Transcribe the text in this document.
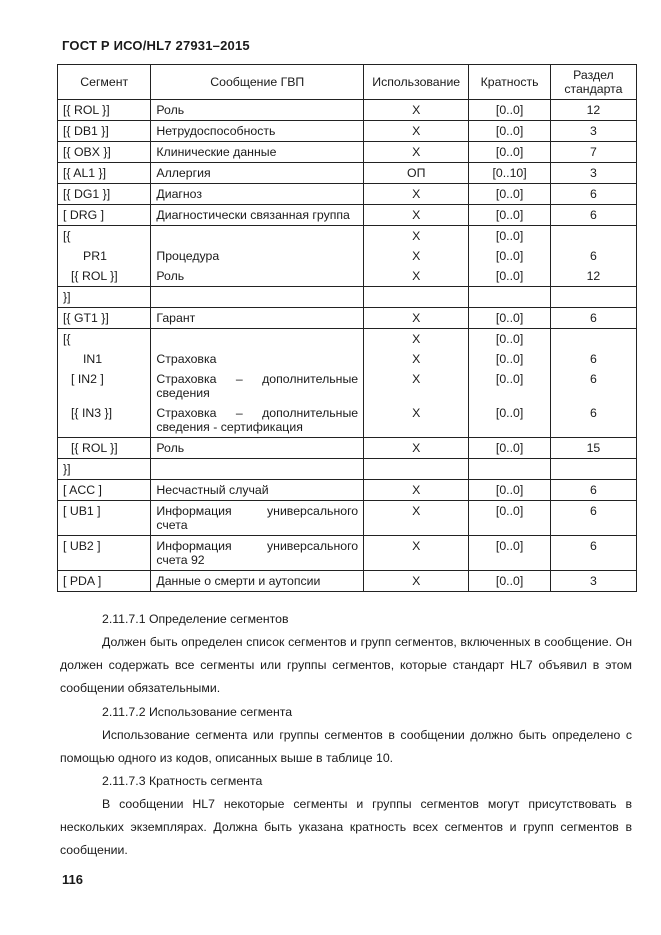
ГОСТ Р ИСО/HL7 27931–2015
Сегмент	Сообщение ГВП	Использование	Кратность	Раздел стандарта
[{ ROL }]	Роль	X	[0..0]	12
[{ DB1 }]	Нетрудоспособность	X	[0..0]	3
[{ OBX }]	Клинические данные	X	[0..0]	7
[{ AL1 }]	Аллергия	ОП	[0..10]	3
[{ DG1 }]	Диагноз	X	[0..0]	6
[ DRG ]	Диагностически связанная группа	X	[0..0]	6
[{		X	[0..0]	
PR1	Процедура	X	[0..0]	6
[{ ROL }]	Роль	X	[0..0]	12
}]				
[{ GT1 }]	Гарант	X	[0..0]	6
[{		X	[0..0]	
IN1	Страховка	X	[0..0]	6
[ IN2 ]	Страховка – дополнительные сведения	X	[0..0]	6
[{ IN3 }]	Страховка – дополнительные сведения - сертификация	X	[0..0]	6
[{ ROL }]	Роль	X	[0..0]	15
}]				
[ ACC ]	Несчастный случай	X	[0..0]	6
[ UB1 ]	Информация универсального счета	X	[0..0]	6
[ UB2 ]	Информация универсального счета 92	X	[0..0]	6
[ PDA ]	Данные о смерти и аутопсии	X	[0..0]	3
2.11.7.1 Определение сегментов
Должен быть определен список сегментов и групп сегментов, включенных в сообщение. Он должен содержать все сегменты или группы сегментов, которые стандарт HL7 объявил в этом сообщении обязательными.
2.11.7.2 Использование сегмента
Использование сегмента или группы сегментов в сообщении должно быть определено с помощью одного из кодов, описанных выше в таблице 10.
2.11.7.3 Кратность сегмента
В сообщении HL7 некоторые сегменты и группы сегментов могут присутствовать в нескольких экземплярах. Должна быть указана кратность всех сегментов и групп сегментов в сообщении.
116
